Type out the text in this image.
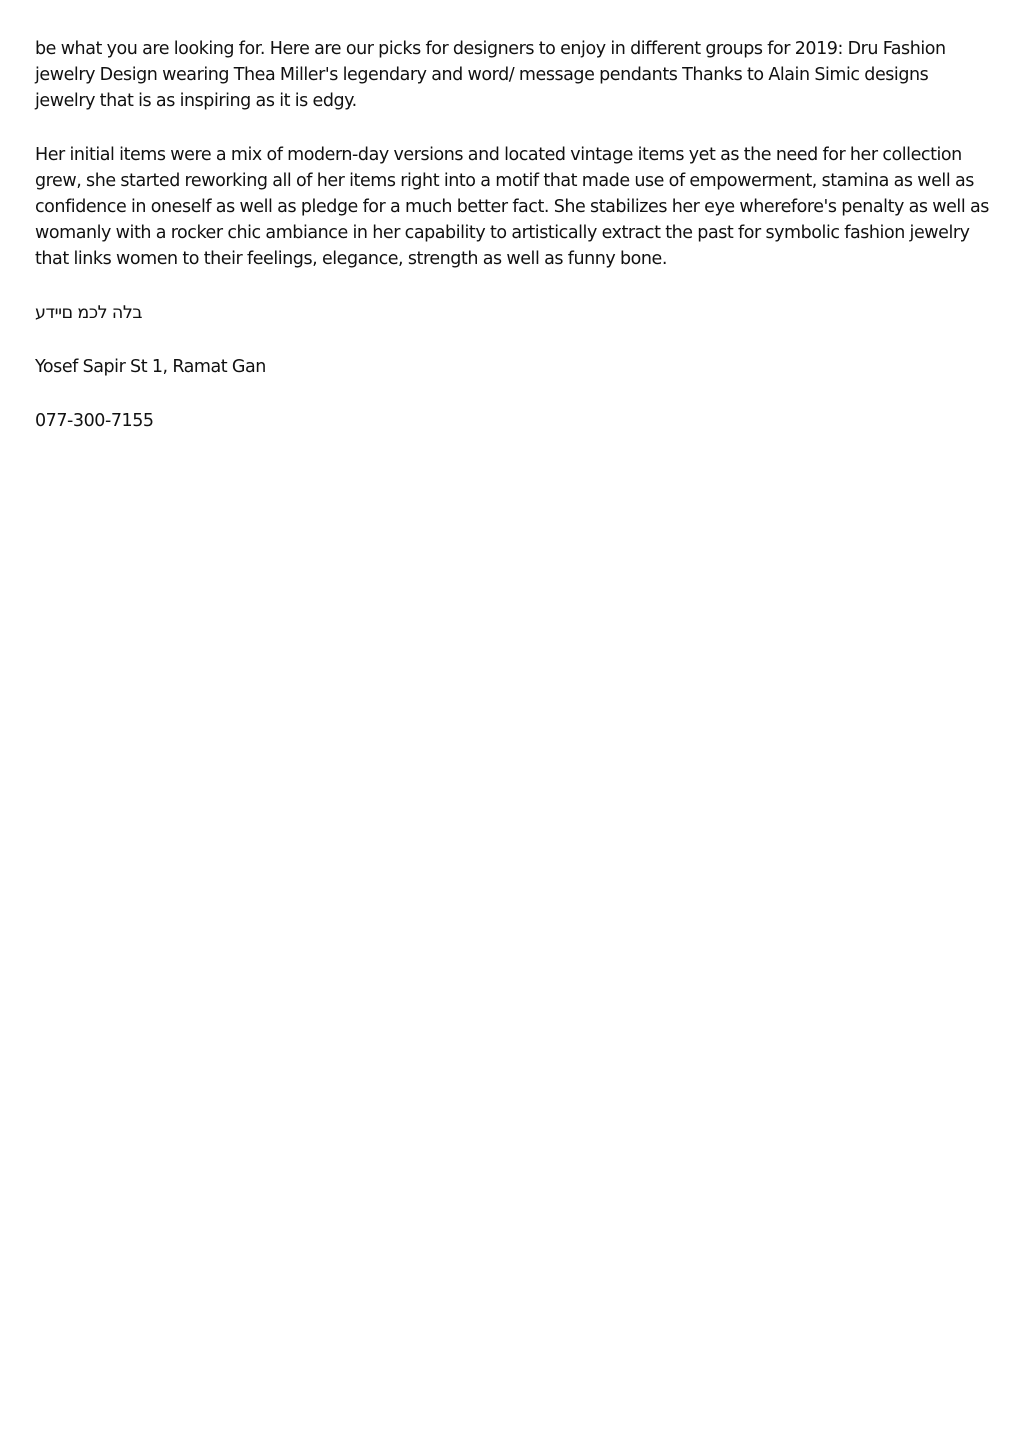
be what you are looking for. Here are our picks for designers to enjoy in different groups for 2019: Dru Fashion jewelry Design wearing Thea Miller's legendary and word/ message pendants Thanks to Alain Simic designs jewelry that is as inspiring as it is edgy.

Her initial items were a mix of modern-day versions and located vintage items yet as the need for her collection grew, she started reworking all of her items right into a motif that made use of empowerment, stamina as well as confidence in oneself as well as pledge for a much better fact. She stabilizes her eye wherefore's penalty as well as womanly with a rocker chic ambiance in her capability to artistically extract the past for symbolic fashion jewelry that links women to their feelings, elegance, strength as well as funny bone.

בלה לכמ םיידע

Yosef Sapir St 1, Ramat Gan

077-300-7155
